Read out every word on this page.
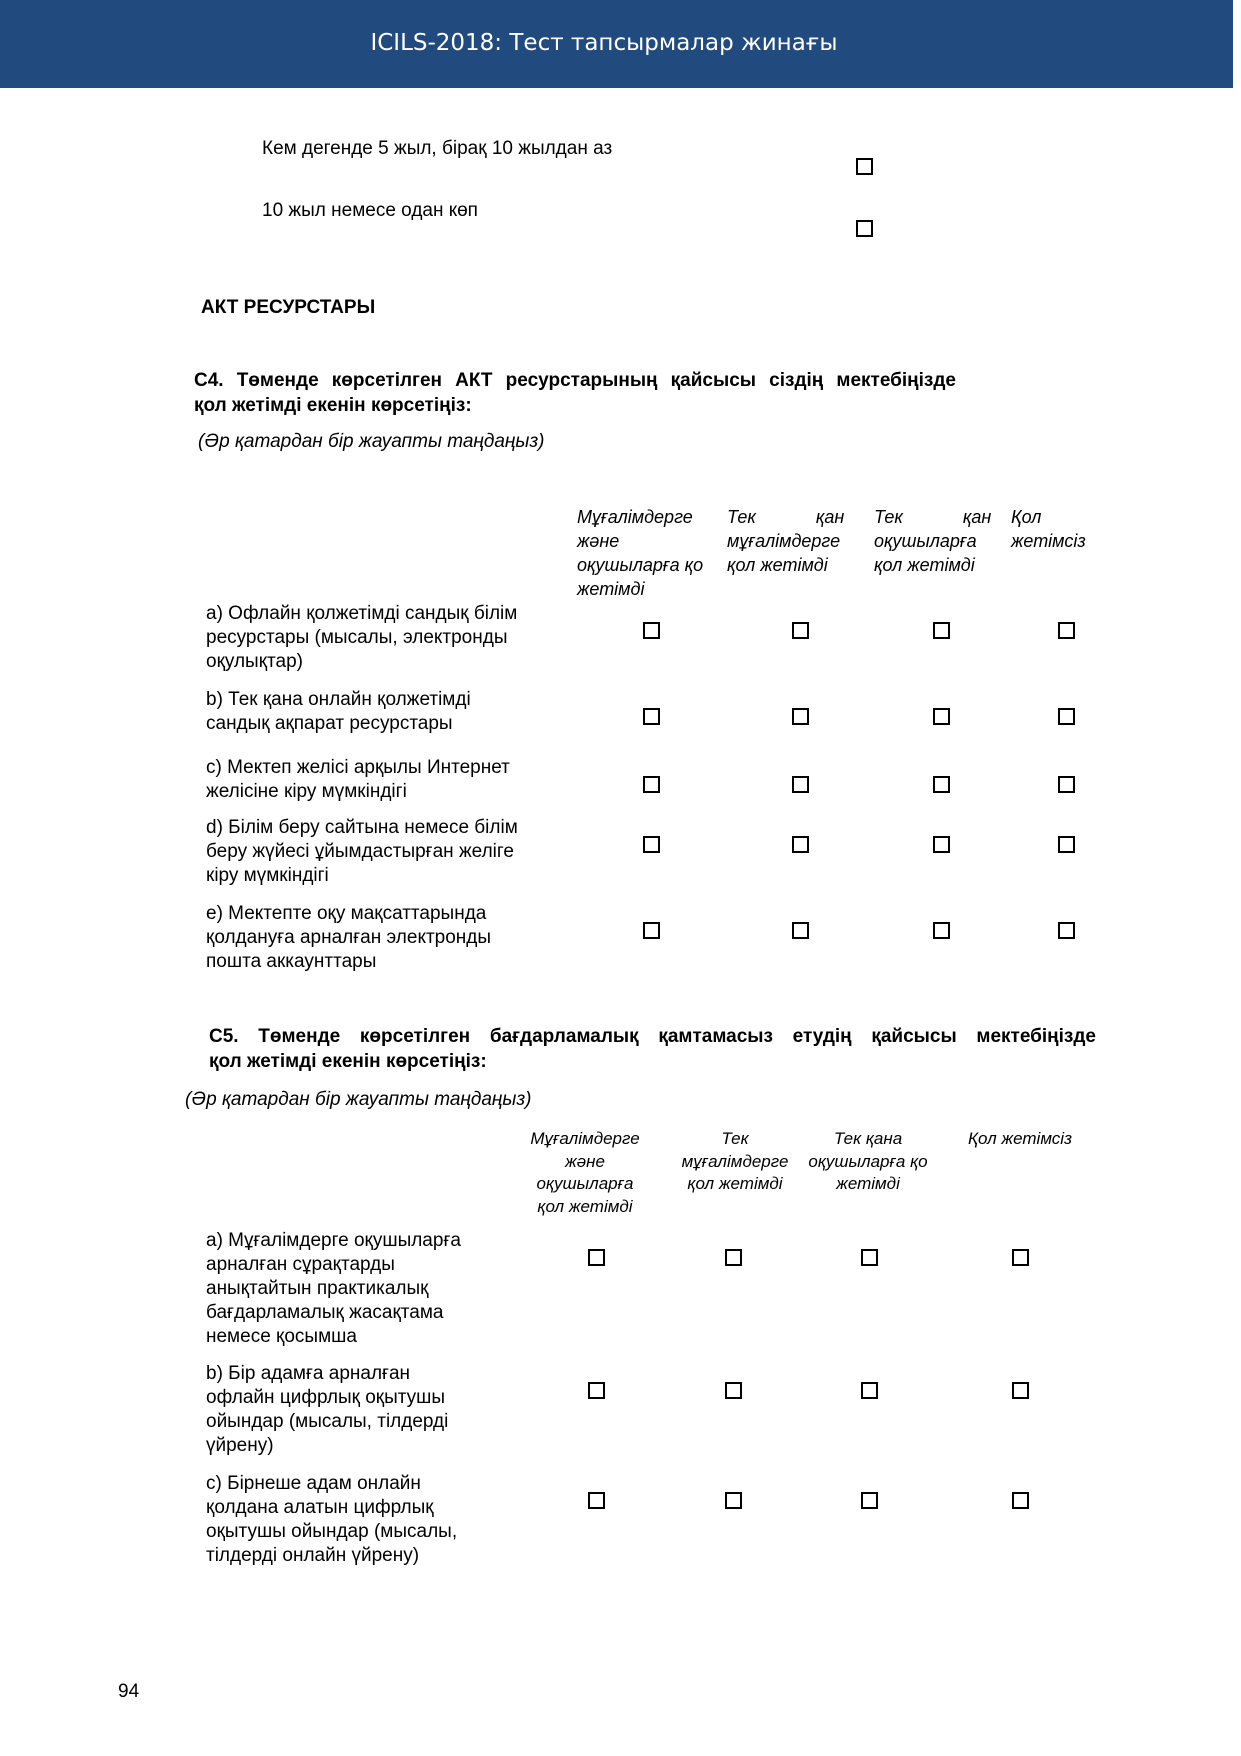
ICILS-2018: Тест тапсырмалар жинағы
Кем дегенде 5 жыл, бірақ 10 жылдан аз
10 жыл немесе одан көп
АКТ РЕСУРСТАРЫ
С4. Төменде көрсетілген АКТ ресурстарының қайсысы сіздің мектебіңізде
қол жетімді екенін көрсетіңіз:
(Әр қатардан бір жауапты таңдаңыз)
Мұғалімдерге
және
оқушыларға қо
жетімді
Тек            қан
мұғалімдерге
қол жетімді
Тек            қан
оқушыларға
қол жетімді
Қол
жетімсіз
а) Офлайн қолжетімді сандық білім
ресурстары (мысалы, электронды
оқулықтар)
b) Тек қана онлайн қолжетімді
сандық ақпарат ресурстары
c) Мектеп желісі арқылы Интернет
желісіне кіру мүмкіндігі
d) Білім беру сайтына немесе білім
беру жүйесі ұйымдастырған желіге
кіру мүмкіндігі
e) Мектепте оқу мақсаттарында
қолдануға арналған электронды
пошта аккаунттары
С5. Төменде көрсетілген бағдарламалық қамтамасыз етудің қайсысы мектебіңізде
қол жетімді екенін көрсетіңіз:
(Әр қатардан бір жауапты таңдаңыз)
Мұғалімдерге
және
оқушыларға
қол жетімді
Тек
мұғалімдерге
қол жетімді
Тек қана
оқушыларға қо
жетімді
Қол жетімсіз
а) Мұғалімдерге оқушыларға
арналған сұрақтарды
анықтайтын практикалық
бағдарламалық жасақтама
немесе қосымша
b) Бір адамға арналған
офлайн цифрлық оқытушы
ойындар (мысалы, тілдерді
үйрену)
c) Бірнеше адам онлайн
қолдана алатын цифрлық
оқытушы ойындар (мысалы,
тілдерді онлайн үйрену)
94
